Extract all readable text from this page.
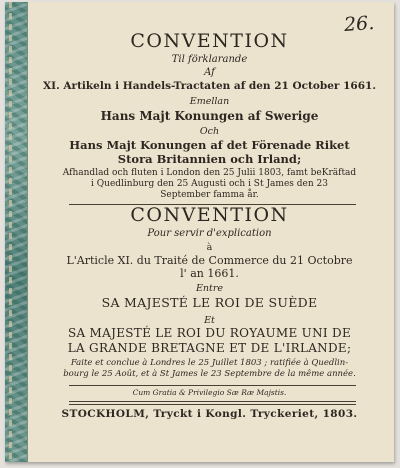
26.
CONVENTION
Til förklarande
Af
XI. Artikeln i Handels-Tractaten af den 21 October 1661.
Emellan
Hans Majt Konungen af Swerige
Och
Hans Majt Konungen af det Förenade Riket
Stora Britannien och Irland;
Afhandlad och fluten i London den 25 Julii 1803, famt beKräftad
i Quedlinburg den 25 Augusti och i St James den 23
September famma år.
CONVENTION
Pour servir d'explication
à
L'Article XI. du Traité de Commerce du 21 Octobre
l' an 1661.
Entre
SA MAJESTÉ LE ROI DE SUÈDE
Et
SA MAJESTÉ LE ROI DU ROYAUME UNI DE
LA GRANDE BRETAGNE ET DE L'IRLANDE;
Faite et conclue à Londres le 25 Juillet 1803 ; ratifiée à Quedlin-
bourg le 25 Août, et à St James le 23 Septembre de la même année.
Cum Gratia & Privilegio Sæ Ræ Majstis.
STOCKHOLM, Tryckt i Kongl. Tryckeriet, 1803.
